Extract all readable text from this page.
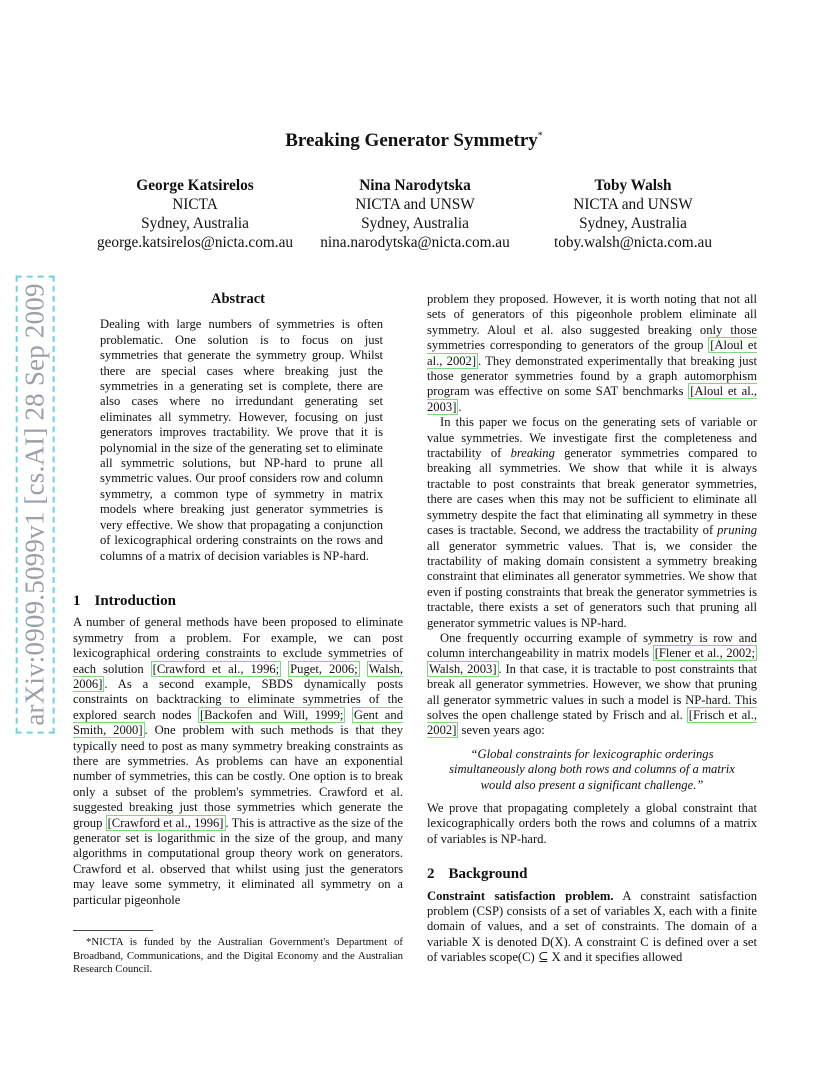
arXiv:0909.5099v1 [cs.AI] 28 Sep 2009
Breaking Generator Symmetry*
George Katsirelos
NICTA
Sydney, Australia
george.katsirelos@nicta.com.au
Nina Narodytska
NICTA and UNSW
Sydney, Australia
nina.narodytska@nicta.com.au
Toby Walsh
NICTA and UNSW
Sydney, Australia
toby.walsh@nicta.com.au
Abstract

Dealing with large numbers of symmetries is often problematic. One solution is to focus on just symmetries that generate the symmetry group. Whilst there are special cases where breaking just the symmetries in a generating set is complete, there are also cases where no irredundant generating set eliminates all symmetry. However, focusing on just generators improves tractability. We prove that it is polynomial in the size of the generating set to eliminate all symmetric solutions, but NP-hard to prune all symmetric values. Our proof considers row and column symmetry, a common type of symmetry in matrix models where breaking just generator symmetries is very effective. We show that propagating a conjunction of lexicographical ordering constraints on the rows and columns of a matrix of decision variables is NP-hard.

1 Introduction

A number of general methods have been proposed to eliminate symmetry from a problem. For example, we can post lexicographical ordering constraints to exclude symmetries of each solution [Crawford et al., 1996; Puget, 2006; Walsh, 2006] . As a second example, SBDS dynamically posts constraints on backtracking to eliminate symmetries of the explored search nodes [Backofen and Will, 1999; Gent and Smith, 2000] . One problem with such methods is that they typically need to post as many symmetry breaking constraints as there are symmetries. As problems can have an exponential number of symmetries, this can be costly. One option is to break only a subset of the problem's symmetries. Crawford et al. suggested breaking just those symmetries which generate the group [Crawford et al., 1996] . This is attractive as the size of the generator set is logarithmic in the size of the group, and many algorithms in computational group theory work on generators. Crawford et al. observed that whilst using just the generators may leave some symmetry, it eliminated all symmetry on a particular pigeonhole

*NICTA is funded by the Australian Government's Department of Broadband, Communications, and the Digital Economy and the Australian Research Council.

problem they proposed. However, it is worth noting that not all sets of generators of this pigeonhole problem eliminate all symmetry. Aloul et al. also suggested breaking only those symmetries corresponding to generators of the group [Aloul et al., 2002] . They demonstrated experimentally that breaking just those generator symmetries found by a graph automorphism program was effective on some SAT benchmarks [Aloul et al., 2003] .

In this paper we focus on the generating sets of variable or value symmetries. We investigate first the completeness and tractability of breaking generator symmetries compared to breaking all symmetries. We show that while it is always tractable to post constraints that break generator symmetries, there are cases when this may not be sufficient to eliminate all symmetry despite the fact that eliminating all symmetry in these cases is tractable. Second, we address the tractability of pruning all generator symmetric values. That is, we consider the tractability of making domain consistent a symmetry breaking constraint that eliminates all generator symmetries. We show that even if posting constraints that break the generator symmetries is tractable, there exists a set of generators such that pruning all generator symmetric values is NP-hard.

One frequently occurring example of symmetry is row and column interchangeability in matrix models [Flener et al., 2002; Walsh, 2003] . In that case, it is tractable to post constraints that break all generator symmetries. However, we show that pruning all generator symmetric values in such a model is NP-hard. This solves the open challenge stated by Frisch and al. [Frisch et al., 2002] seven years ago:

“Global constraints for lexicographic orderings simultaneously along both rows and columns of a matrix would also present a significant challenge.”

We prove that propagating completely a global constraint that lexicographically orders both the rows and columns of a matrix of variables is NP-hard.

2 Background

Constraint satisfaction problem. A constraint satisfaction problem (CSP) consists of a set of variables X, each with a finite domain of values, and a set of constraints. The domain of a variable X is denoted D(X). A constraint C is defined over a set of variables scope(C) ⊆ X and it specifies allowed
